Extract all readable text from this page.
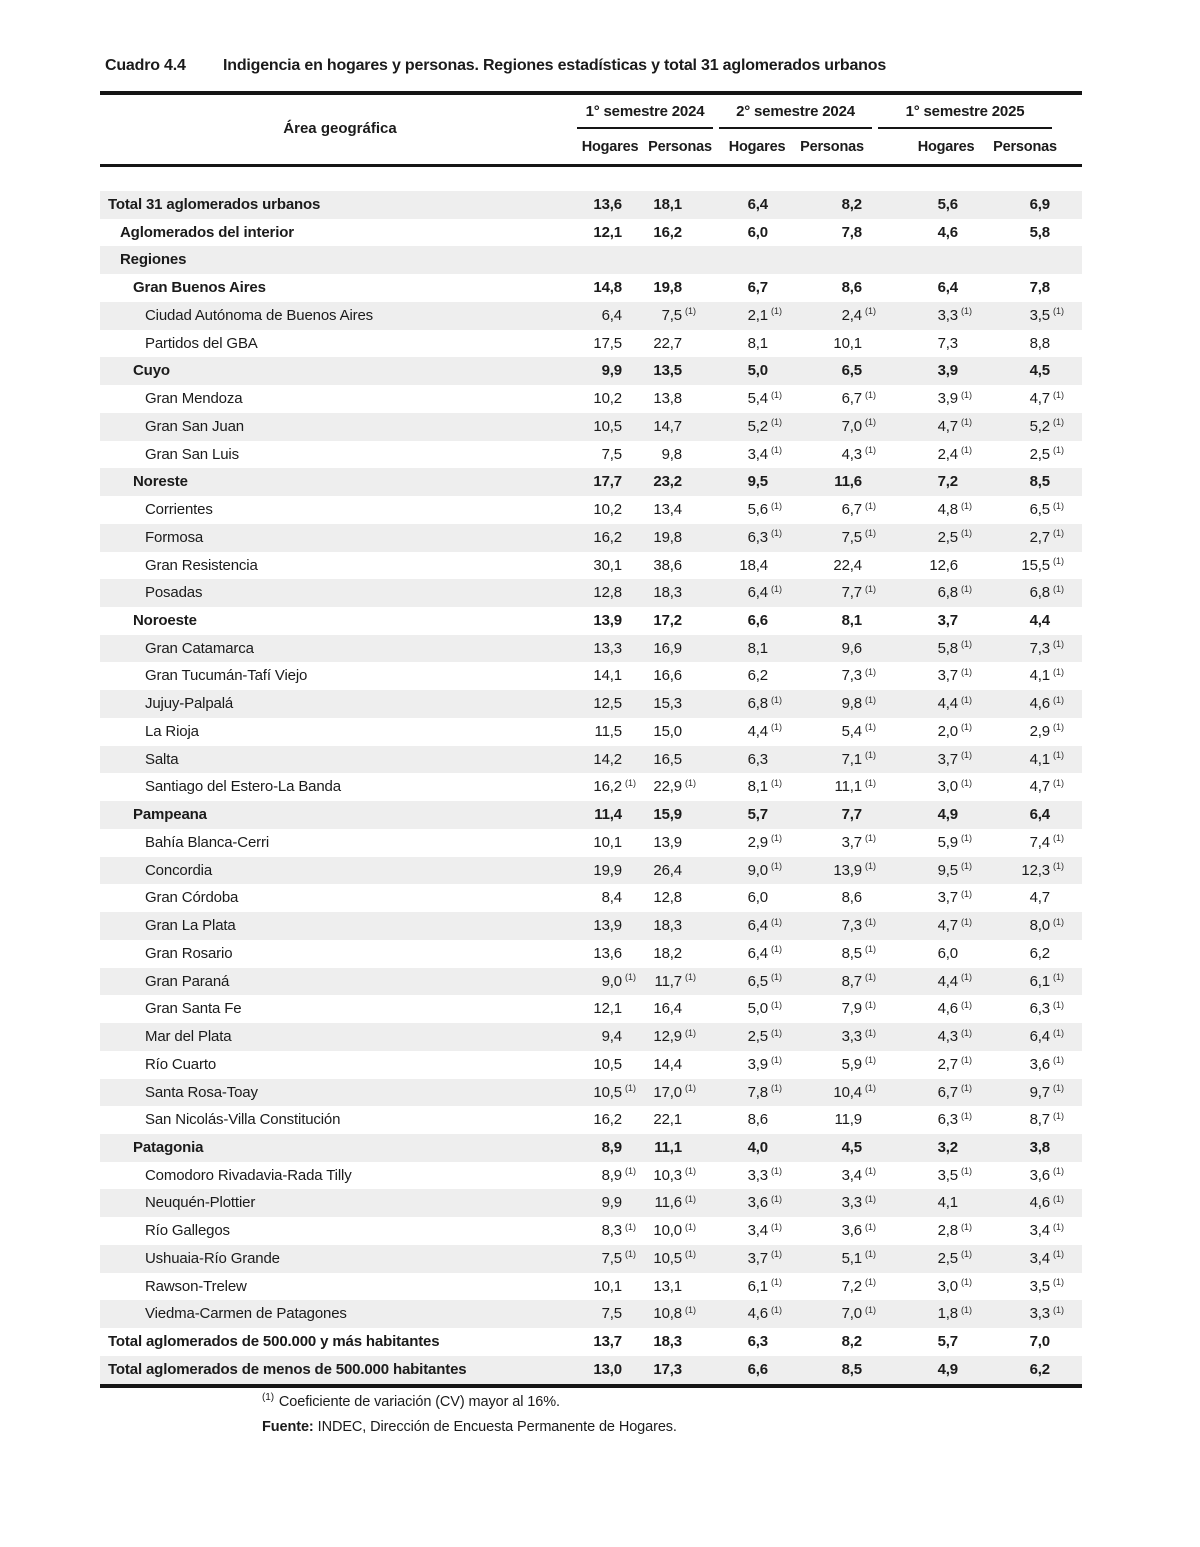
Cuadro 4.4 Indigencia en hogares y personas. Regiones estadísticas y total 31 aglomerados urbanos
Área geográfica
1° semestre 2024	2° semestre 2024	1° semestre 2025
Hogares Personas	Hogares	Personas	Hogares	Personas
Total 31 aglomerados urbanos	13,6	18,1	6,4	8,2	5,6	6,9
Aglomerados del interior	12,1	16,2	6,0	7,8	4,6	5,8
Regiones
Gran Buenos Aires	14,8	19,8	6,7	8,6	6,4	7,8
Ciudad Autónoma de Buenos Aires	6,4	7,5 (1)	2,1 (1)	2,4 (1)	3,3 (1)	3,5 (1)
Partidos del GBA	17,5	22,7	8,1	10,1	7,3	8,8
Cuyo	9,9	13,5	5,0	6,5	3,9	4,5
Gran Mendoza	10,2	13,8	5,4 (1)	6,7 (1)	3,9 (1)	4,7 (1)
Gran San Juan	10,5	14,7	5,2 (1)	7,0 (1)	4,7 (1)	5,2 (1)
Gran San Luis	7,5	9,8	3,4 (1)	4,3 (1)	2,4 (1)	2,5 (1)
Noreste	17,7	23,2	9,5	11,6	7,2	8,5
Corrientes	10,2	13,4	5,6 (1)	6,7 (1)	4,8 (1)	6,5 (1)
Formosa	16,2	19,8	6,3 (1)	7,5 (1)	2,5 (1)	2,7 (1)
Gran Resistencia	30,1	38,6	18,4	22,4	12,6	15,5 (1)
Posadas	12,8	18,3	6,4 (1)	7,7 (1)	6,8 (1)	6,8 (1)
Noroeste	13,9	17,2	6,6	8,1	3,7	4,4
Gran Catamarca	13,3	16,9	8,1	9,6	5,8 (1)	7,3 (1)
Gran Tucumán-Tafí Viejo	14,1	16,6	6,2	7,3 (1)	3,7 (1)	4,1 (1)
Jujuy-Palpalá	12,5	15,3	6,8 (1)	9,8 (1)	4,4 (1)	4,6 (1)
La Rioja	11,5	15,0	4,4 (1)	5,4 (1)	2,0 (1)	2,9 (1)
Salta	14,2	16,5	6,3	7,1 (1)	3,7 (1)	4,1 (1)
Santiago del Estero-La Banda	16,2 (1)	22,9 (1)	8,1 (1)	11,1 (1)	3,0 (1)	4,7 (1)
Pampeana	11,4	15,9	5,7	7,7	4,9	6,4
Bahía Blanca-Cerri	10,1	13,9	2,9 (1)	3,7 (1)	5,9 (1)	7,4 (1)
Concordia	19,9	26,4	9,0 (1)	13,9 (1)	9,5 (1)	12,3 (1)
Gran Córdoba	8,4	12,8	6,0	8,6	3,7 (1)	4,7
Gran La Plata	13,9	18,3	6,4 (1)	7,3 (1)	4,7 (1)	8,0 (1)
Gran Rosario	13,6	18,2	6,4 (1)	8,5 (1)	6,0	6,2
Gran Paraná	9,0 (1)	11,7 (1)	6,5 (1)	8,7 (1)	4,4 (1)	6,1 (1)
Gran Santa Fe	12,1	16,4	5,0 (1)	7,9 (1)	4,6 (1)	6,3 (1)
Mar del Plata	9,4	12,9 (1)	2,5 (1)	3,3 (1)	4,3 (1)	6,4 (1)
Río Cuarto	10,5	14,4	3,9 (1)	5,9 (1)	2,7 (1)	3,6 (1)
Santa Rosa-Toay	10,5 (1)	17,0 (1)	7,8 (1)	10,4 (1)	6,7 (1)	9,7 (1)
San Nicolás-Villa Constitución	16,2	22,1	8,6	11,9	6,3 (1)	8,7 (1)
Patagonia	8,9	11,1	4,0	4,5	3,2	3,8
Comodoro Rivadavia-Rada Tilly	8,9 (1)	10,3 (1)	3,3 (1)	3,4 (1)	3,5 (1)	3,6 (1)
Neuquén-Plottier	9,9	11,6 (1)	3,6 (1)	3,3 (1)	4,1	4,6 (1)
Río Gallegos	8,3 (1)	10,0 (1)	3,4 (1)	3,6 (1)	2,8 (1)	3,4 (1)
Ushuaia-Río Grande	7,5 (1)	10,5 (1)	3,7 (1)	5,1 (1)	2,5 (1)	3,4 (1)
Rawson-Trelew	10,1	13,1	6,1 (1)	7,2 (1)	3,0 (1)	3,5 (1)
Viedma-Carmen de Patagones	7,5	10,8 (1)	4,6 (1)	7,0 (1)	1,8 (1)	3,3 (1)
Total aglomerados de 500.000 y más habitantes	13,7	18,3	6,3	8,2	5,7	7,0
Total aglomerados de menos de 500.000 habitantes	13,0	17,3	6,6	8,5	4,9	6,2
$^{(1)}$ Coeficiente de variación (CV) mayor al 16%.
Fuente: INDEC, Dirección de Encuesta Permanente de Hogares.
